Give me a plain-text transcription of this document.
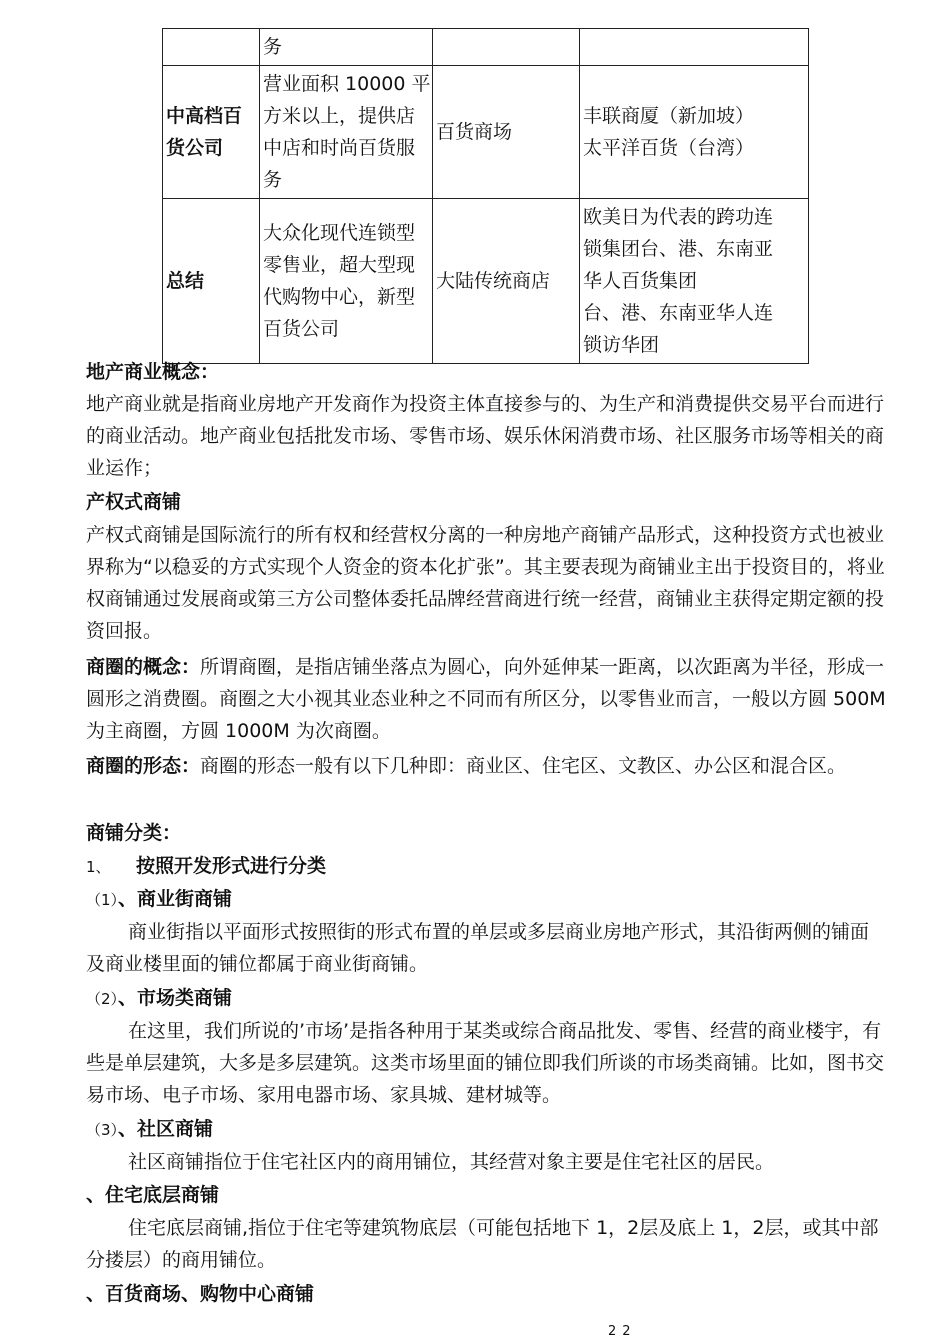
	务		

中高档百
货公司	营业面积 10000 平
方米以上，提供店
中店和时尚百货服
务	百货商场	丰联商厦（新加坡）
太平洋百货（台湾）

总结	大众化现代连锁型
零售业，超大型现
代购物中心，新型
百货公司	大陆传统商店	欧美日为代表的跨功连
锁集团台、港、东南亚
华人百货集团
台、港、东南亚华人连
锁访华团
地产商业概念：
地产商业就是指商业房地产开发商作为投资主体直接参与的、为生产和消费提供交易平台而进行的商业活动。地产商业包括批发市场、零售市场、娱乐休闲消费市场、社区服务市场等相关的商业运作；
产权式商铺
产权式商铺是国际流行的所有权和经营权分离的一种房地产商铺产品形式，这种投资方式也被业界称为“以稳妥的方式实现个人资金的资本化扩张”。其主要表现为商铺业主出于投资目的，将业权商铺通过发展商或第三方公司整体委托品牌经营商进行统一经营，商铺业主获得定期定额的投资回报。
商圈的概念：所谓商圈，是指店铺坐落点为圆心，向外延伸某一距离，以次距离为半径，形成一圆形之消费圈。商圈之大小视其业态业种之不同而有所区分，以零售业而言，一般以方圆 500M 为主商圈，方圆 1000M 为次商圈。
商圈的形态：商圈的形态一般有以下几种即：商业区、住宅区、文教区、办公区和混合区。
商铺分类：
1、 按照开发形式进行分类
（1）、商业街商铺
商业街指以平面形式按照街的形式布置的单层或多层商业房地产形式，其沿街两侧的铺面及商业楼里面的铺位都属于商业街商铺。
（2）、市场类商铺
在这里，我们所说的’市场’是指各种用于某类或综合商品批发、零售、经营的商业楼宇，有些是单层建筑，大多是多层建筑。这类市场里面的铺位即我们所谈的市场类商铺。比如，图书交易市场、电子市场、家用电器市场、家具城、建材城等。
（3）、社区商铺
社区商铺指位于住宅社区内的商用铺位，其经营对象主要是住宅社区的居民。
、住宅底层商铺
住宅底层商铺,指位于住宅等建筑物底层（可能包括地下 1，2层及底上 1，2层，或其中部分搂层）的商用铺位。
、百货商场、购物中心商铺
22
